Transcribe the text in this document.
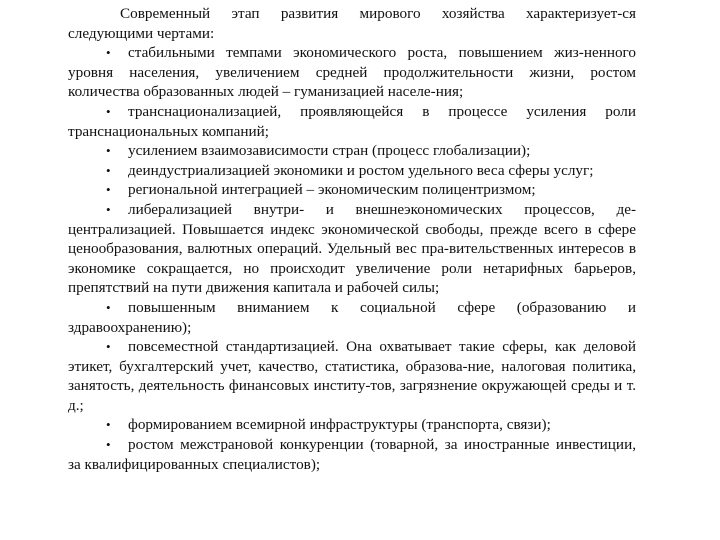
Современный этап развития мирового хозяйства характеризует-ся следующими чертами:

• стабильными темпами экономического роста, повышением жиз-ненного уровня населения, увеличением средней продолжительности жизни, ростом количества образованных людей – гуманизацией населе-ния;

• транснационализацией, проявляющейся в процессе усиления роли транснациональных компаний;

• усилением взаимозависимости стран (процесс глобализации);

• деиндустриализацией экономики и ростом удельного веса сферы услуг;

• региональной интеграцией – экономическим полицентризмом;

• либерализацией внутри- и внешнеэкономических процессов, де-централизацией. Повышается индекс экономической свободы, прежде всего в сфере ценообразования, валютных операций. Удельный вес пра-вительственных интересов в экономике сокращается, но происходит увеличение роли нетарифных барьеров, препятствий на пути движения капитала и рабочей силы;

• повышенным вниманием к социальной сфере (образованию и здравоохранению);

• повсеместной стандартизацией. Она охватывает такие сферы, как деловой этикет, бухгалтерский учет, качество, статистика, образова-ние, налоговая политика, занятость, деятельность финансовых институ-тов, загрязнение окружающей среды и т. д.;

• формированием всемирной инфраструктуры (транспорта, связи);

• ростом межстрановой конкуренции (товарной, за иностранные инвестиции, за квалифицированных специалистов);
